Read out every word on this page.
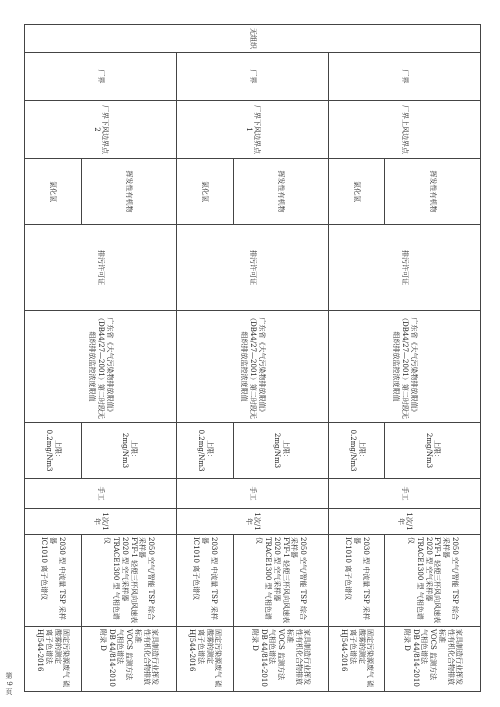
无组织	厂界	厂界上风边界点	挥发性有机物	排污许可证	广东省《大气污染物排放限值》（DB44/27—2001）第二时段无组织排放监控浓度限值	上限：2mg/Nm3	手工	1次/1年	2050 空气/智能 TSP 综合采样器
FYF-1 轻便三杯风向风速表
2020 型 空气采样器
TRACE1300 型 气相色谱仪	家具制造行业挥发性有机化合物排放标准
VOCS 监测方法 气相色谱法
DB 44/814-2010 附录 D

			氯化氢			上限：0.2mg/Nm3			2030 型 中流量 TSP 采样器
IC1010 离子色谱仪	固定污染源废气 硫酸雾的测定
离子色谱法 HJ544-2016

	厂界	厂界下风边界点1	挥发性有机物	排污许可证	广东省《大气污染物排放限值》（DB44/27—2001）第二时段无组织排放监控浓度限值	上限：2mg/Nm3	手工	1次/1年	2050 空气/智能 TSP 综合采样器
FYF-1 轻便三杯风向风速表
2020 型 空气采样器
TRACE1300 型 气相色谱仪	家具制造行业挥发性有机化合物排放标准
VOCS 监测方法 气相色谱法
DB 44/814-2010 附录 D

			氯化氢			上限：0.2mg/Nm3			2030 型 中流量 TSP 采样器
IC1010 离子色谱仪	固定污染源废气 硫酸雾的测定
离子色谱法 HJ544-2016

	厂界	厂界下风边界点2	挥发性有机物	排污许可证	广东省《大气污染物排放限值》（DB44/27—2001）第二时段无组织排放监控浓度限值	上限：2mg/Nm3	手工	1次/1年	2050 空气/智能 TSP 综合采样器
FYF-1 轻便三杯风向风速表
2020 型 空气采样器
TRACE1300 型 气相色谱仪	家具制造行业挥发性有机化合物排放标准
VOCS 监测方法 气相色谱法
DB 44/814-2010 附录 D

			氯化氢			上限：0.2mg/Nm3			2030 型 中流量 TSP 采样器
IC1010 离子色谱仪	固定污染源废气 硫酸雾的测定
离子色谱法 HJ544-2016
第 9 页
